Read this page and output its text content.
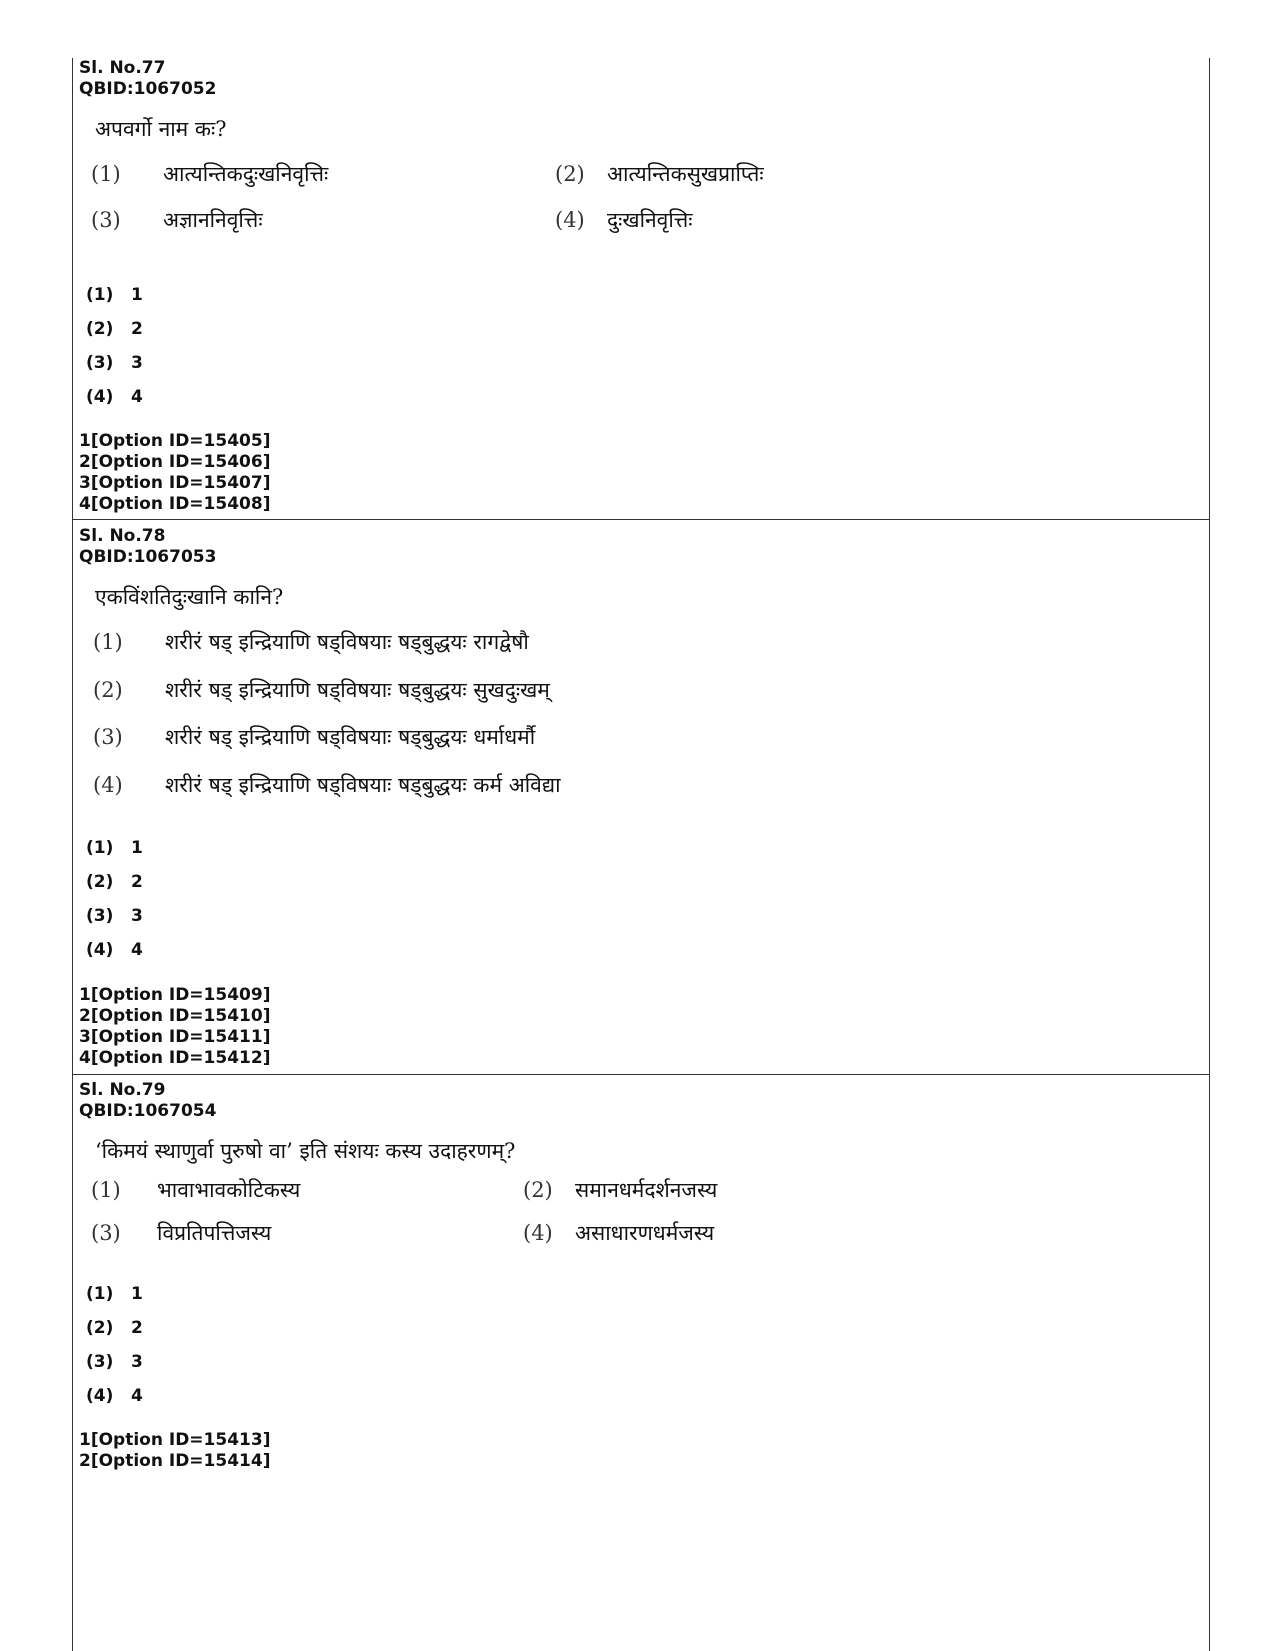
Sl. No.77
QBID:1067052
अपवर्गो नाम कः?
(1) आत्यन्तिकदुःखनिवृत्तिः	(2) आत्यन्तिकसुखप्राप्तिः
(3) अज्ञाननिवृत्तिः	(4) दुःखनिवृत्तिः
(1) 1
(2) 2
(3) 3
(4) 4
1[Option ID=15405]
2[Option ID=15406]
3[Option ID=15407]
4[Option ID=15408]
Sl. No.78
QBID:1067053
एकविंशतिदुःखानि कानि?
(1) शरीरं षड् इन्द्रियाणि षड्विषयाः षड्बुद्धयः रागद्वेषौ
(2) शरीरं षड् इन्द्रियाणि षड्विषयाः षड्बुद्धयः सुखदुःखम्
(3) शरीरं षड् इन्द्रियाणि षड्विषयाः षड्बुद्धयः धर्माधर्मौ
(4) शरीरं षड् इन्द्रियाणि षड्विषयाः षड्बुद्धयः कर्म अविद्या
(1) 1
(2) 2
(3) 3
(4) 4
1[Option ID=15409]
2[Option ID=15410]
3[Option ID=15411]
4[Option ID=15412]
Sl. No.79
QBID:1067054
‘किमयं स्थाणुर्वा पुरुषो वा’ इति संशयः कस्य उदाहरणम्?
(1) भावाभावकोटिकस्य	(2) समानधर्मदर्शनजस्य
(3) विप्रतिपत्तिजस्य	(4) असाधारणधर्मजस्य
(1) 1
(2) 2
(3) 3
(4) 4
1[Option ID=15413]
2[Option ID=15414]
